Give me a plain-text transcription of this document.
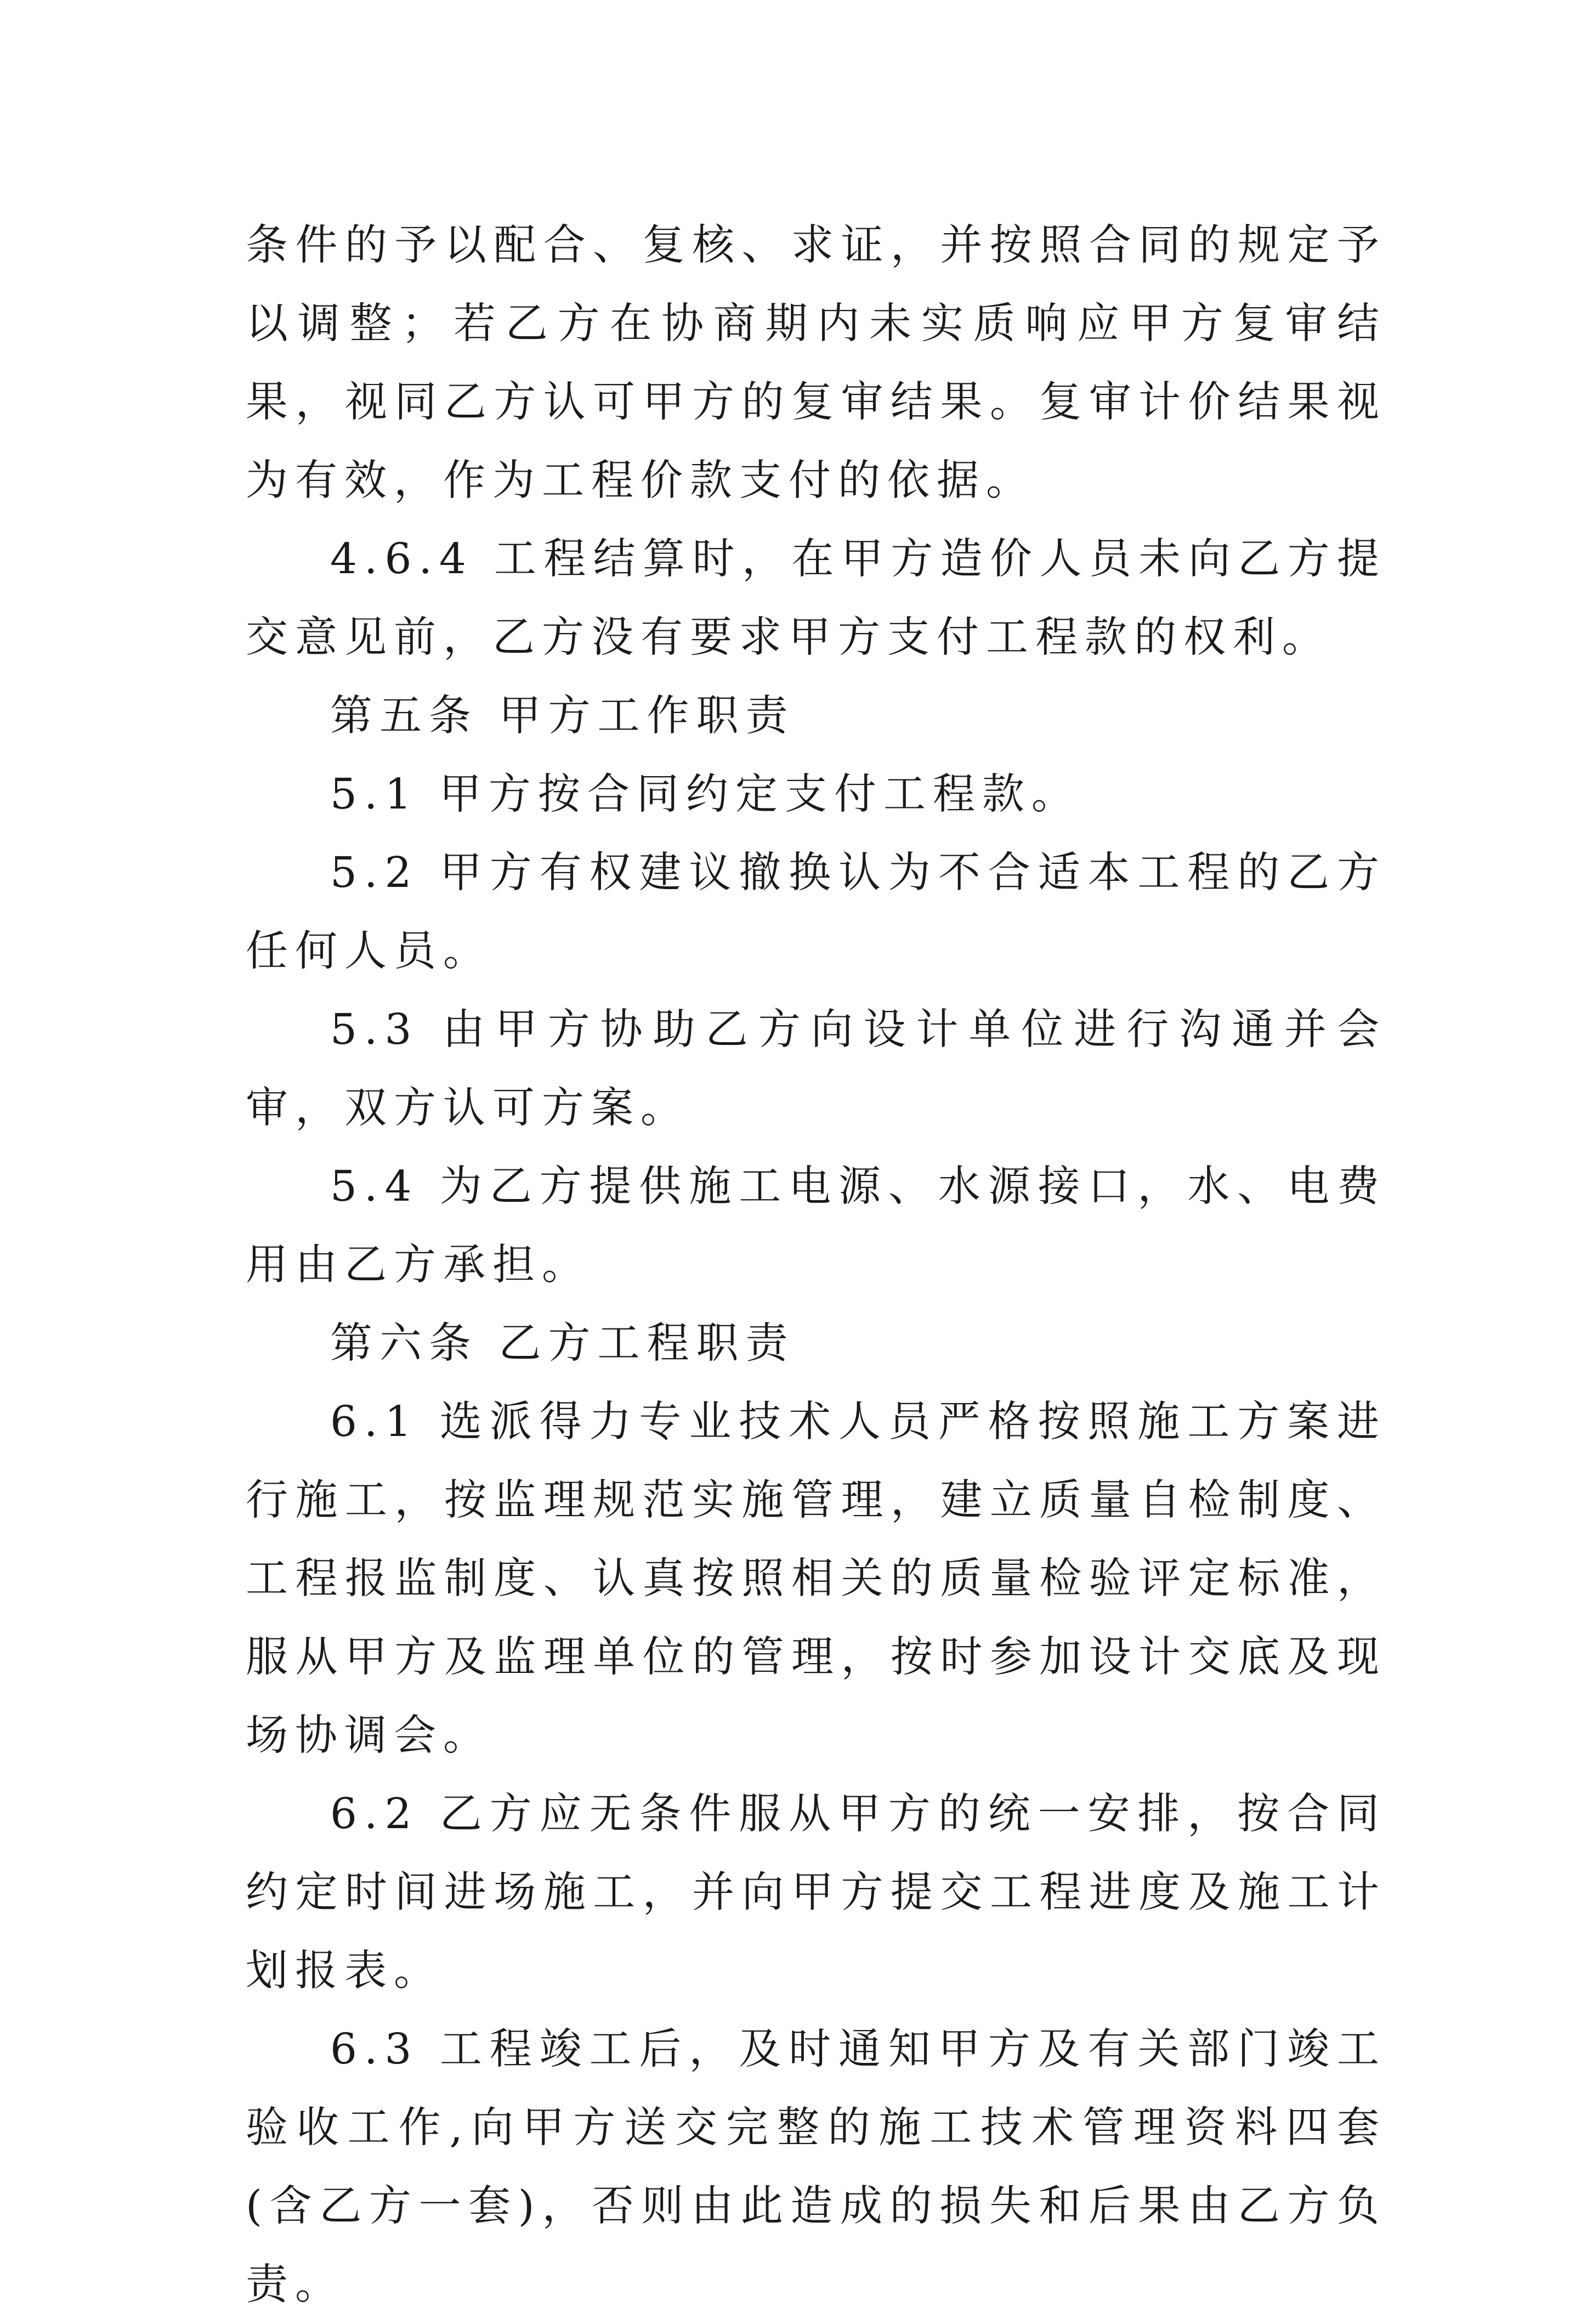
条件的予以配合、复核、求证，并按照合同的规定予以调整；若乙方在协商期内未实质响应甲方复审结果，视同乙方认可甲方的复审结果。复审计价结果视为有效，作为工程价款支付的依据。

4.6.4 工程结算时，在甲方造价人员未向乙方提交意见前，乙方没有要求甲方支付工程款的权利。

第五条 甲方工作职责

5.1 甲方按合同约定支付工程款。

5.2 甲方有权建议撤换认为不合适本工程的乙方任何人员。

5.3 由甲方协助乙方向设计单位进行沟通并会审，双方认可方案。

5.4 为乙方提供施工电源、水源接口，水、电费用由乙方承担。

第六条 乙方工程职责

6.1 选派得力专业技术人员严格按照施工方案进行施工，按监理规范实施管理，建立质量自检制度、工程报监制度、认真按照相关的质量检验评定标准，服从甲方及监理单位的管理，按时参加设计交底及现场协调会。

6.2 乙方应无条件服从甲方的统一安排，按合同约定时间进场施工，并向甲方提交工程进度及施工计划报表。

6.3 工程竣工后，及时通知甲方及有关部门竣工验收工作,向甲方送交完整的施工技术管理资料四套(含乙方一套)，否则由此造成的损失和后果由乙方负责。
